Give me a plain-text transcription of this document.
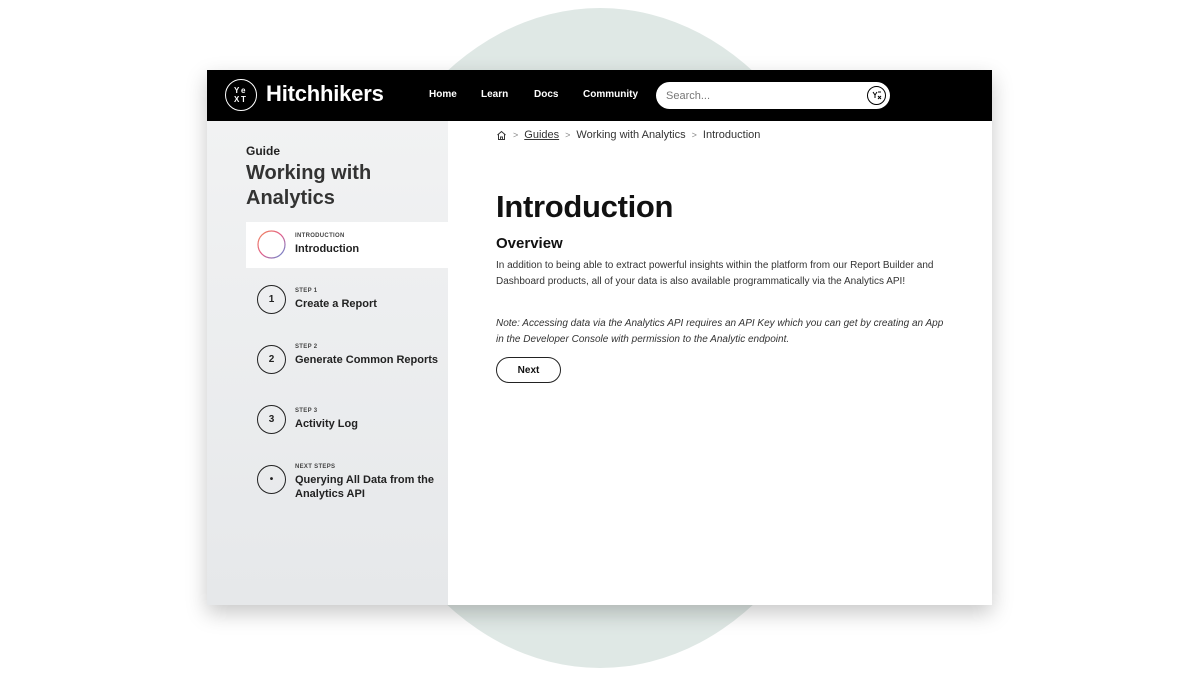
Y e
X T Hitchhikers	Home Learn	Docs Community
Search...
Guide
Working with Analytics
INTRODUCTION
Introduction
1
STEP 1
Create a Report
2
STEP 2
Generate Common Reports
3
STEP 3
Activity Log
•
NEXT STEPS
Querying All Data from the Analytics API
> Guides > Working with Analytics > Introduction
Introduction
Overview

In addition to being able to extract powerful insights within the platform from our Report Builder and Dashboard products, all of your data is also available programmatically via the Analytics API!

Note: Accessing data via the Analytics API requires an API Key which you can get by creating an App in the Developer Console with permission to the Analytic endpoint.

Next
